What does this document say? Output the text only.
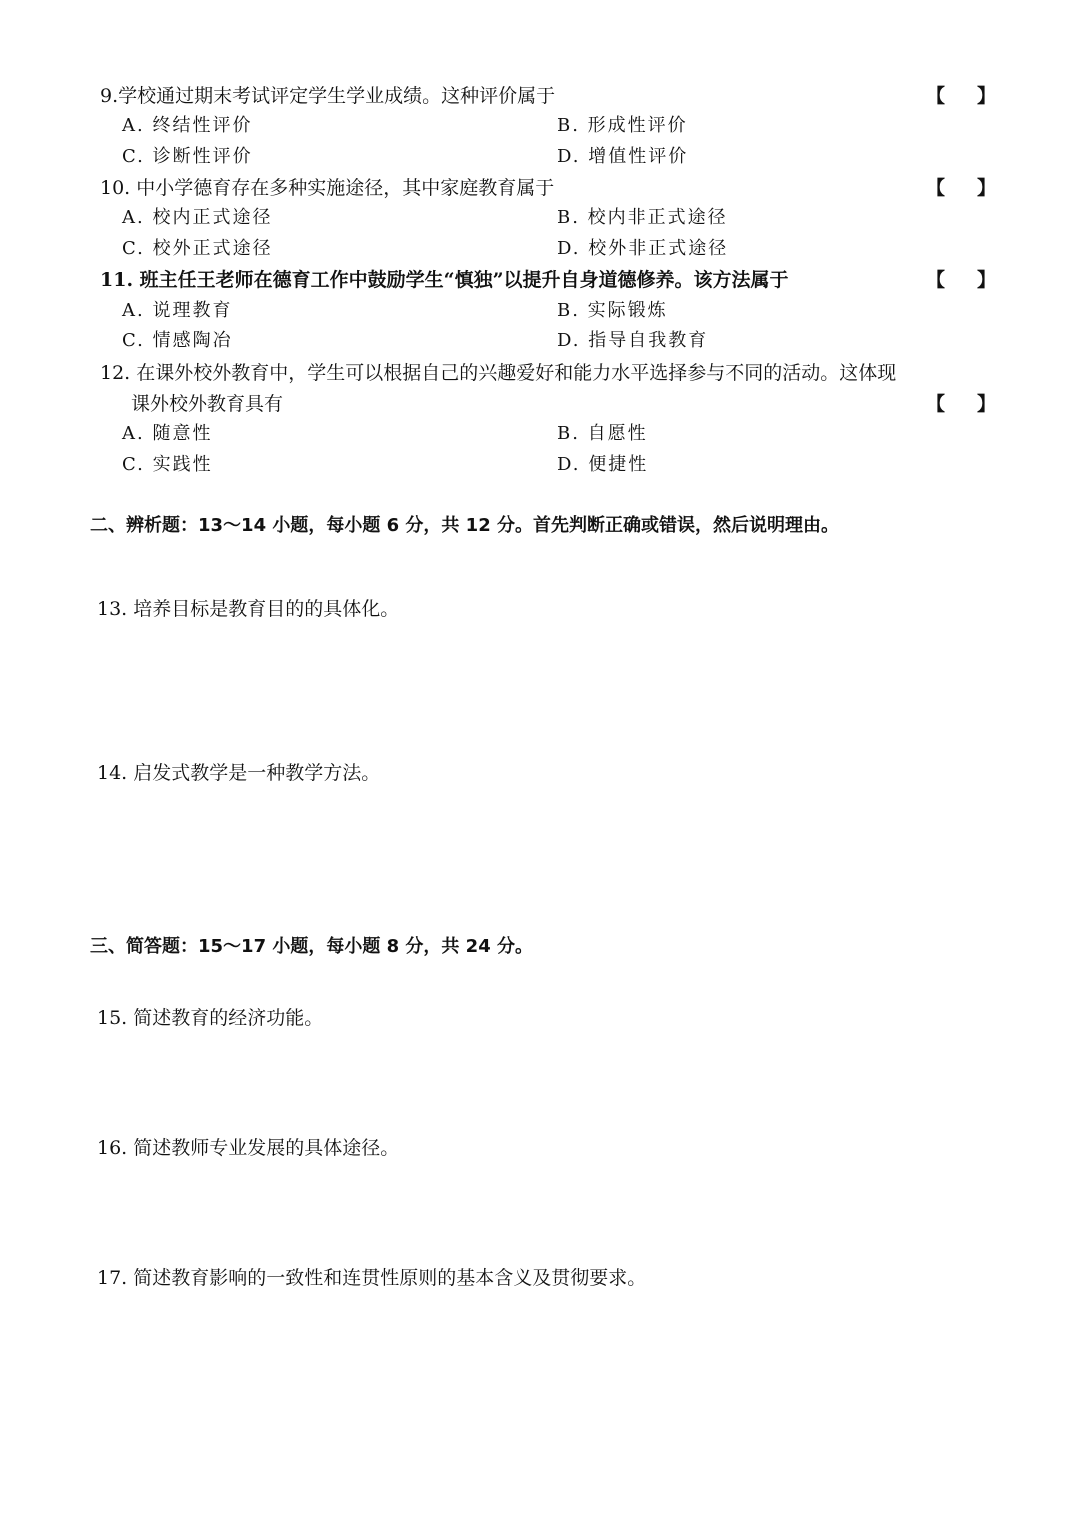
9.学校通过期末考试评定学生学业成绩。这种评价属于	【 】
A. 终结性评价	B. 形成性评价
C. 诊断性评价	D. 增值性评价
10. 中小学德育存在多种实施途径，其中家庭教育属于	【 】
A. 校内正式途径	B. 校内非正式途径
C. 校外正式途径	D. 校外非正式途径
11. 班主任王老师在德育工作中鼓励学生“慎独”以提升自身道德修养。该方法属于	【 】
A. 说理教育	B. 实际锻炼
C. 情感陶冶	D. 指导自我教育
12. 在课外校外教育中，学生可以根据自己的兴趣爱好和能力水平选择参与不同的活动。这体现
课外校外教育具有	【 】
A. 随意性	B. 自愿性
C. 实践性	D. 便捷性
二、辨析题：13～14 小题，每小题 6 分，共 12 分。首先判断正确或错误，然后说明理由。
13. 培养目标是教育目的的具体化。
14. 启发式教学是一种教学方法。
三、简答题：15～17 小题，每小题 8 分，共 24 分。
15. 简述教育的经济功能。
16. 简述教师专业发展的具体途径。
17. 简述教育影响的一致性和连贯性原则的基本含义及贯彻要求。
